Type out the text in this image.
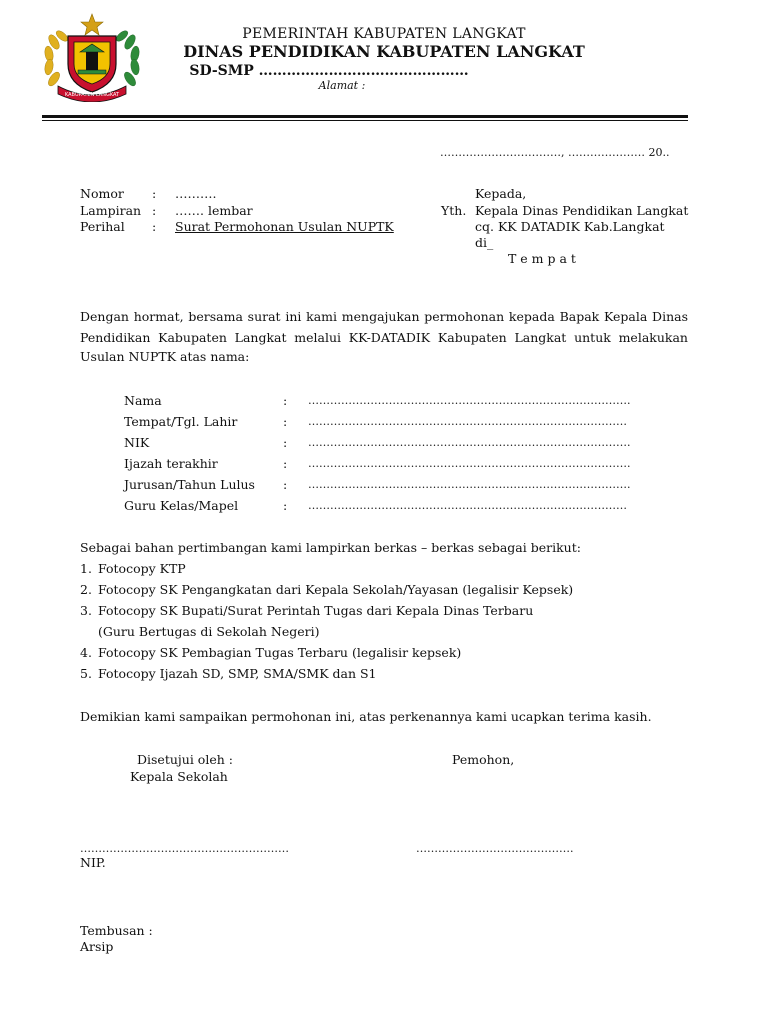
KABUPATEN LANGKAT
PEMERINTAH KABUPATEN LANGKAT
DINAS PENDIDIKAN KABUPATEN LANGKAT
SD-SMP ………………………………………
Alamat :
……………………………, ………………… 20..
Nomor : ……….
Lampiran : ……. lembar
Perihal : Surat Permohonan Usulan NUPTK
Kepada,
Yth. Kepala Dinas Pendidikan Langkat
cq. KK DATADIK Kab.Langkat
di_
T e m p a t
Dengan hormat, bersama surat ini kami mengajukan permohonan kepada Bapak Kepala Dinas
Pendidikan Kabupaten Langkat melalui KK-DATADIK Kabupaten Langkat untuk melakukan
Usulan NUPTK atas nama:
Nama	: …………………………………………………………………………….
Tempat/Tgl. Lahir	: ……………………………………………………………………………
NIK	: …………………………………………………………………………….
Ijazah terakhir	: …………………………………………………………………………….
Jurusan/Tahun Lulus : …………………………………………………………………………….
Guru Kelas/Mapel	: ……………………………………………………………………………
Sebagai bahan pertimbangan kami lampirkan berkas – berkas sebagai berikut:
1. Fotocopy KTP
2. Fotocopy SK Pengangkatan dari Kepala Sekolah/Yayasan (legalisir Kepsek)
3. Fotocopy SK Bupati/Surat Perintah Tugas dari Kepala Dinas Terbaru
(Guru Bertugas di Sekolah Negeri)
4. Fotocopy SK Pembagian Tugas Terbaru (legalisir kepsek)
5. Fotocopy Ijazah SD, SMP, SMA/SMK dan S1
Demikian kami sampaikan permohonan ini, atas perkenannya kami ucapkan terima kasih.
Disetujui oleh :
Kepala Sekolah
Pemohon,
…………………………………………………	…………………………………….
NIP.
Tembusan :
Arsip
